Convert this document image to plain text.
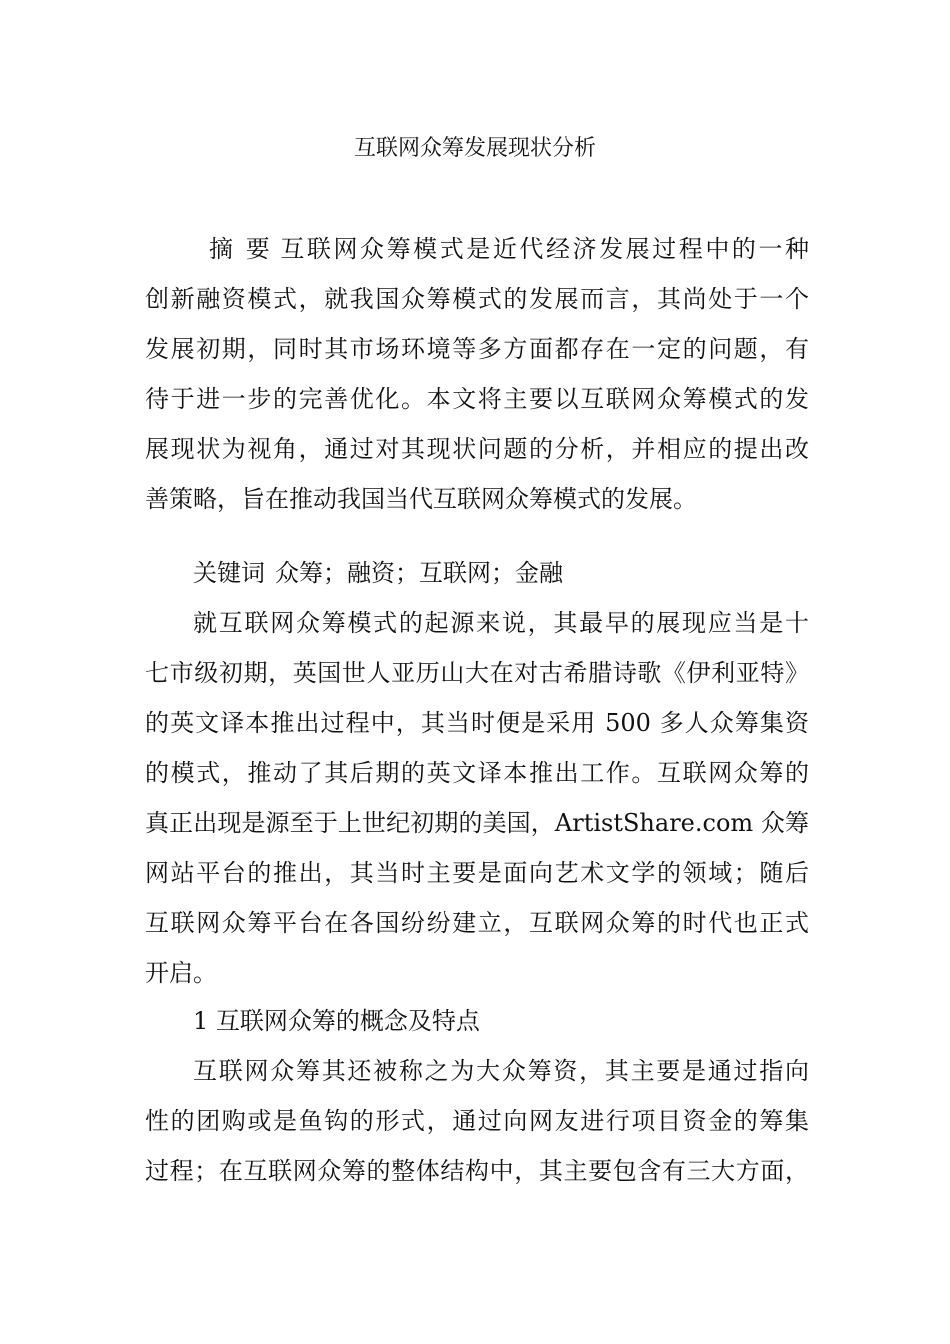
互联网众筹发展现状分析
摘 要 互联网众筹模式是近代经济发展过程中的一种
创新融资模式，就我国众筹模式的发展而言，其尚处于一个
发展初期，同时其市场环境等多方面都存在一定的问题，有
待于进一步的完善优化。本文将主要以互联网众筹模式的发
展现状为视角，通过对其现状问题的分析，并相应的提出改
善策略，旨在推动我国当代互联网众筹模式的发展。
关键词 众筹；融资；互联网；金融
就互联网众筹模式的起源来说，其最早的展现应当是十
七市级初期，英国世人亚历山大在对古希腊诗歌《伊利亚特》
的英文译本推出过程中，其当时便是采用 500 多人众筹集资
的模式，推动了其后期的英文译本推出工作。互联网众筹的
真正出现是源至于上世纪初期的美国，ArtistShare.com 众筹
网站平台的推出，其当时主要是面向艺术文学的领域；随后
互联网众筹平台在各国纷纷建立，互联网众筹的时代也正式
开启。
1 互联网众筹的概念及特点
互联网众筹其还被称之为大众筹资，其主要是通过指向
性的团购或是鱼钩的形式，通过向网友进行项目资金的筹集
过程；在互联网众筹的整体结构中，其主要包含有三大方面，
